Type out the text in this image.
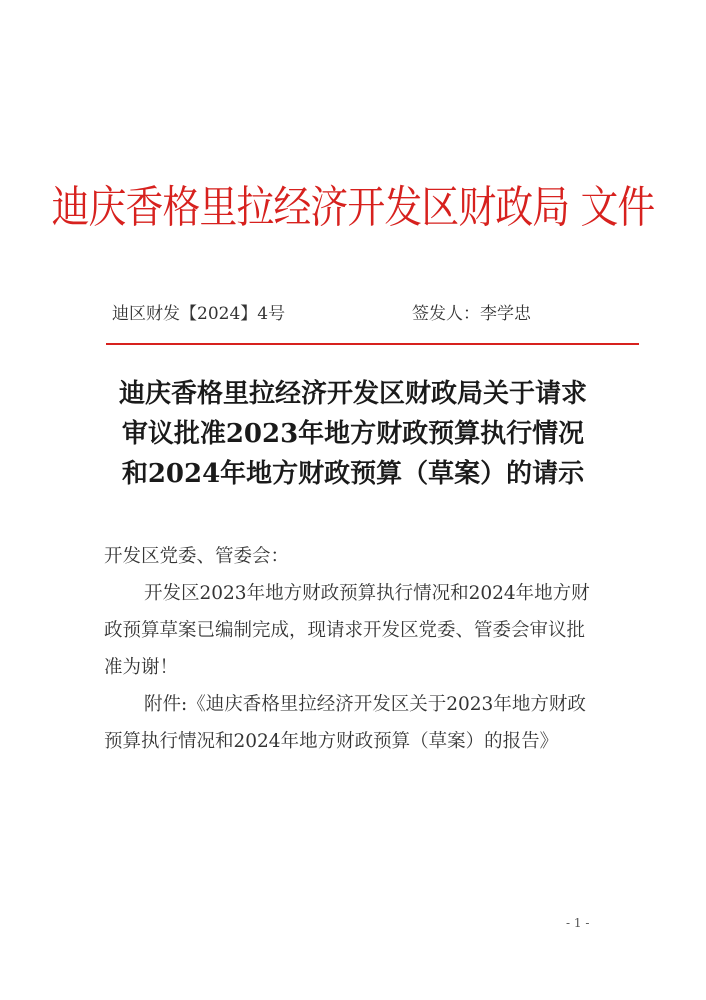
迪庆香格里拉经济开发区财政局 文件
迪区财发【2024】4号	签发人：李学忠
迪庆香格里拉经济开发区财政局关于请求
审议批准2023年地方财政预算执行情况
和2024年地方财政预算（草案）的请示
开发区党委、管委会：
开发区2023年地方财政预算执行情况和2024年地方财
政预算草案已编制完成，现请求开发区党委、管委会审议批
准为谢！
附件:《迪庆香格里拉经济开发区关于2023年地方财政
预算执行情况和2024年地方财政预算（草案）的报告》
- 1 -
